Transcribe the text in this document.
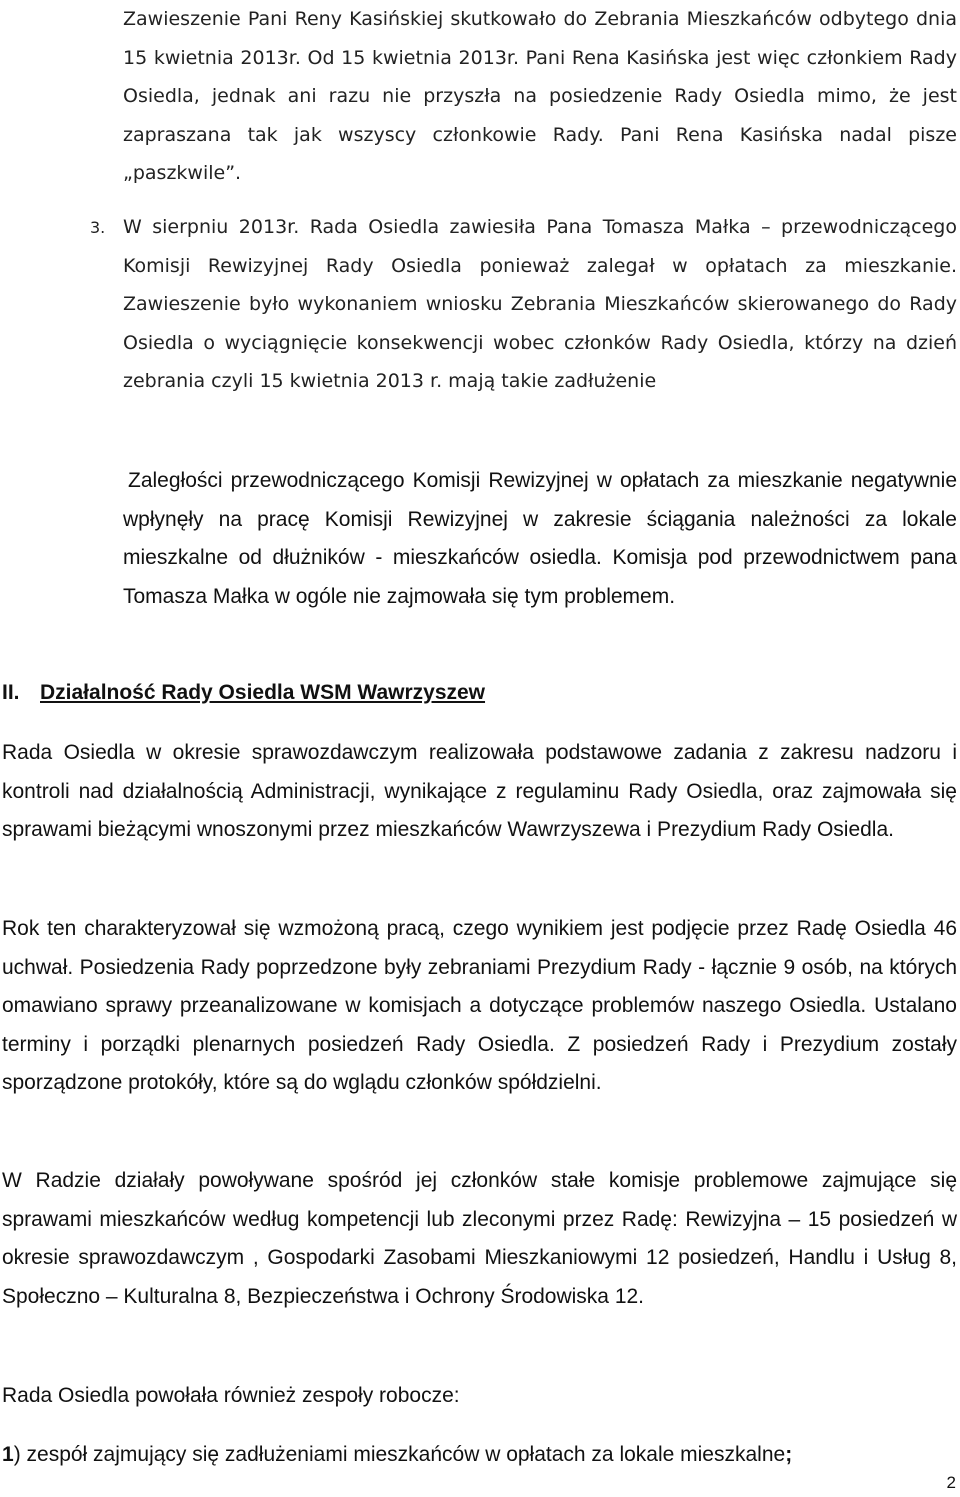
Zawieszenie Pani Reny Kasińskiej skutkowało do Zebrania Mieszkańców odbytego dnia 15 kwietnia 2013r. Od 15 kwietnia 2013r. Pani Rena Kasińska jest więc członkiem Rady Osiedla, jednak ani razu nie przyszła na posiedzenie Rady Osiedla mimo, że jest zapraszana tak jak wszyscy członkowie Rady. Pani Rena Kasińska nadal pisze „paszkwile”.

3. W sierpniu 2013r. Rada Osiedla zawiesiła Pana Tomasza Małka – przewodniczącego Komisji Rewizyjnej Rady Osiedla ponieważ zalegał w opłatach za mieszkanie. Zawieszenie było wykonaniem wniosku Zebrania Mieszkańców skierowanego do Rady Osiedla o wyciągnięcie konsekwencji wobec członków Rady Osiedla, którzy na dzień zebrania czyli 15 kwietnia 2013 r. mają takie zadłużenie

Zaległości przewodniczącego Komisji Rewizyjnej w opłatach za mieszkanie negatywnie wpłynęły na pracę Komisji Rewizyjnej w zakresie ściągania należności za lokale mieszkalne od dłużników - mieszkańców osiedla. Komisja pod przewodnictwem pana Tomasza Małka w ogóle nie zajmowała się tym problemem.

II. Działalność Rady Osiedla WSM Wawrzyszew

Rada Osiedla w okresie sprawozdawczym realizowała podstawowe zadania z zakresu nadzoru i kontroli nad działalnością Administracji, wynikające z regulaminu Rady Osiedla, oraz zajmowała się sprawami bieżącymi wnoszonymi przez mieszkańców Wawrzyszewa i Prezydium Rady Osiedla.

Rok ten charakteryzował się wzmożoną pracą, czego wynikiem jest podjęcie przez Radę Osiedla 46 uchwał. Posiedzenia Rady poprzedzone były zebraniami Prezydium Rady - łącznie 9 osób, na których omawiano sprawy przeanalizowane w komisjach a dotyczące problemów naszego Osiedla. Ustalano terminy i porządki plenarnych posiedzeń Rady Osiedla. Z posiedzeń Rady i Prezydium zostały sporządzone protokóły, które są do wglądu członków spółdzielni.

W Radzie działały powoływane spośród jej członków stałe komisje problemowe zajmujące się sprawami mieszkańców według kompetencji lub zleconymi przez Radę: Rewizyjna – 15 posiedzeń w okresie sprawozdawczym , Gospodarki Zasobami Mieszkaniowymi 12 posiedzeń, Handlu i Usług 8, Społeczno – Kulturalna 8, Bezpieczeństwa i Ochrony Środowiska 12.

Rada Osiedla powołała również zespoły robocze:

1) zespół zajmujący się zadłużeniami mieszkańców w opłatach za lokale mieszkalne;

2
